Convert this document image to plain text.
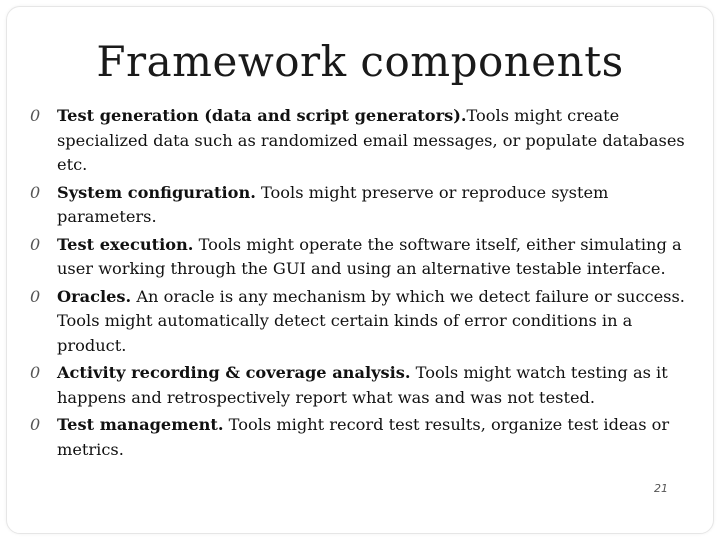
Framework components
0 Test generation (data and script generators).Tools might create specialized data such as randomized email messages, or populate databases etc.
0 System configuration. Tools might preserve or reproduce system parameters.
0 Test execution. Tools might operate the software itself, either simulating a user working through the GUI and using an alternative testable interface.
0 Oracles. An oracle is any mechanism by which we detect failure or success. Tools might automatically detect certain kinds of error conditions in a product.
0 Activity recording & coverage analysis. Tools might watch testing as it happens and retrospectively report what was and was not tested.
0 Test management. Tools might record test results, organize test ideas or metrics.
21
